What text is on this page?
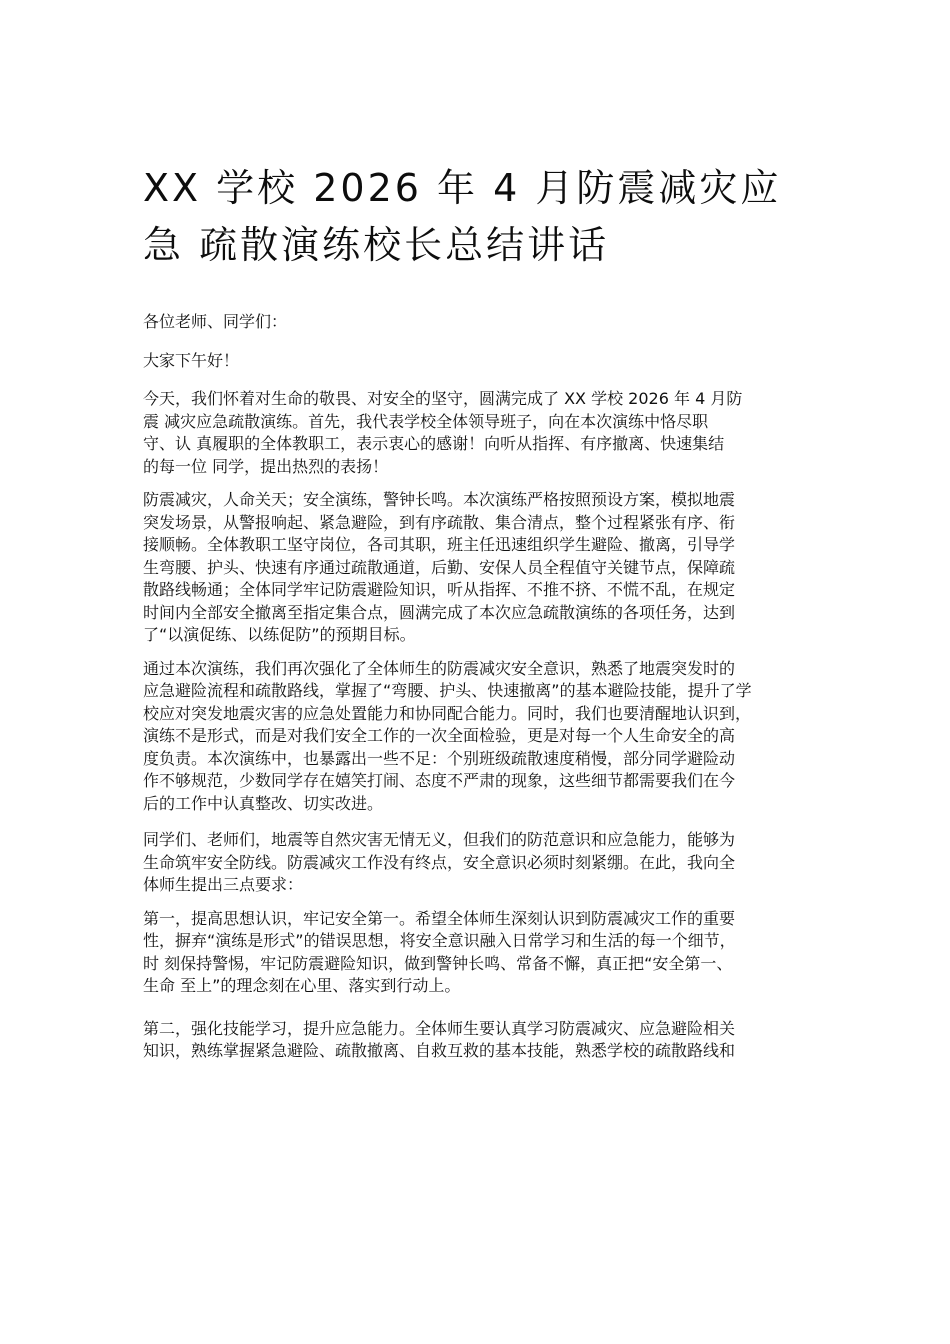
XX 学校 2026 年 4 月防震减灾应
急 疏散演练校长总结讲话

各位老师、同学们：

大家下午好！

今天，我们怀着对生命的敬畏、对安全的坚守，圆满完成了 XX 学校 2026 年 4 月防
震 减灾应急疏散演练。首先，我代表学校全体领导班子，向在本次演练中恪尽职
守、认 真履职的全体教职工，表示衷心的感谢！向听从指挥、有序撤离、快速集结
的每一位 同学，提出热烈的表扬！

防震减灾，人命关天；安全演练，警钟长鸣。本次演练严格按照预设方案，模拟地震
突发场景，从警报响起、紧急避险，到有序疏散、集合清点，整个过程紧张有序、衔
接顺畅。全体教职工坚守岗位，各司其职，班主任迅速组织学生避险、撤离，引导学
生弯腰、护头、快速有序通过疏散通道，后勤、安保人员全程值守关键节点，保障疏
散路线畅通；全体同学牢记防震避险知识，听从指挥、不推不挤、不慌不乱，在规定
时间内全部安全撤离至指定集合点，圆满完成了本次应急疏散演练的各项任务，达到
了“以演促练、以练促防”的预期目标。

通过本次演练，我们再次强化了全体师生的防震减灾安全意识，熟悉了地震突发时的
应急避险流程和疏散路线，掌握了“弯腰、护头、快速撤离”的基本避险技能，提升了学
校应对突发地震灾害的应急处置能力和协同配合能力。同时，我们也要清醒地认识到，
演练不是形式，而是对我们安全工作的一次全面检验，更是对每一个人生命安全的高
度负责。本次演练中，也暴露出一些不足：个别班级疏散速度稍慢，部分同学避险动
作不够规范，少数同学存在嬉笑打闹、态度不严肃的现象，这些细节都需要我们在今
后的工作中认真整改、切实改进。

同学们、老师们，地震等自然灾害无情无义，但我们的防范意识和应急能力，能够为
生命筑牢安全防线。防震减灾工作没有终点，安全意识必须时刻紧绷。在此，我向全
体师生提出三点要求：

第一，提高思想认识，牢记安全第一。希望全体师生深刻认识到防震减灾工作的重要
性，摒弃“演练是形式”的错误思想，将安全意识融入日常学习和生活的每一个细节，
时 刻保持警惕，牢记防震避险知识，做到警钟长鸣、常备不懈，真正把“安全第一、
生命 至上”的理念刻在心里、落实到行动上。

第二，强化技能学习，提升应急能力。全体师生要认真学习防震减灾、应急避险相关
知识，熟练掌握紧急避险、疏散撤离、自救互救的基本技能，熟悉学校的疏散路线和
